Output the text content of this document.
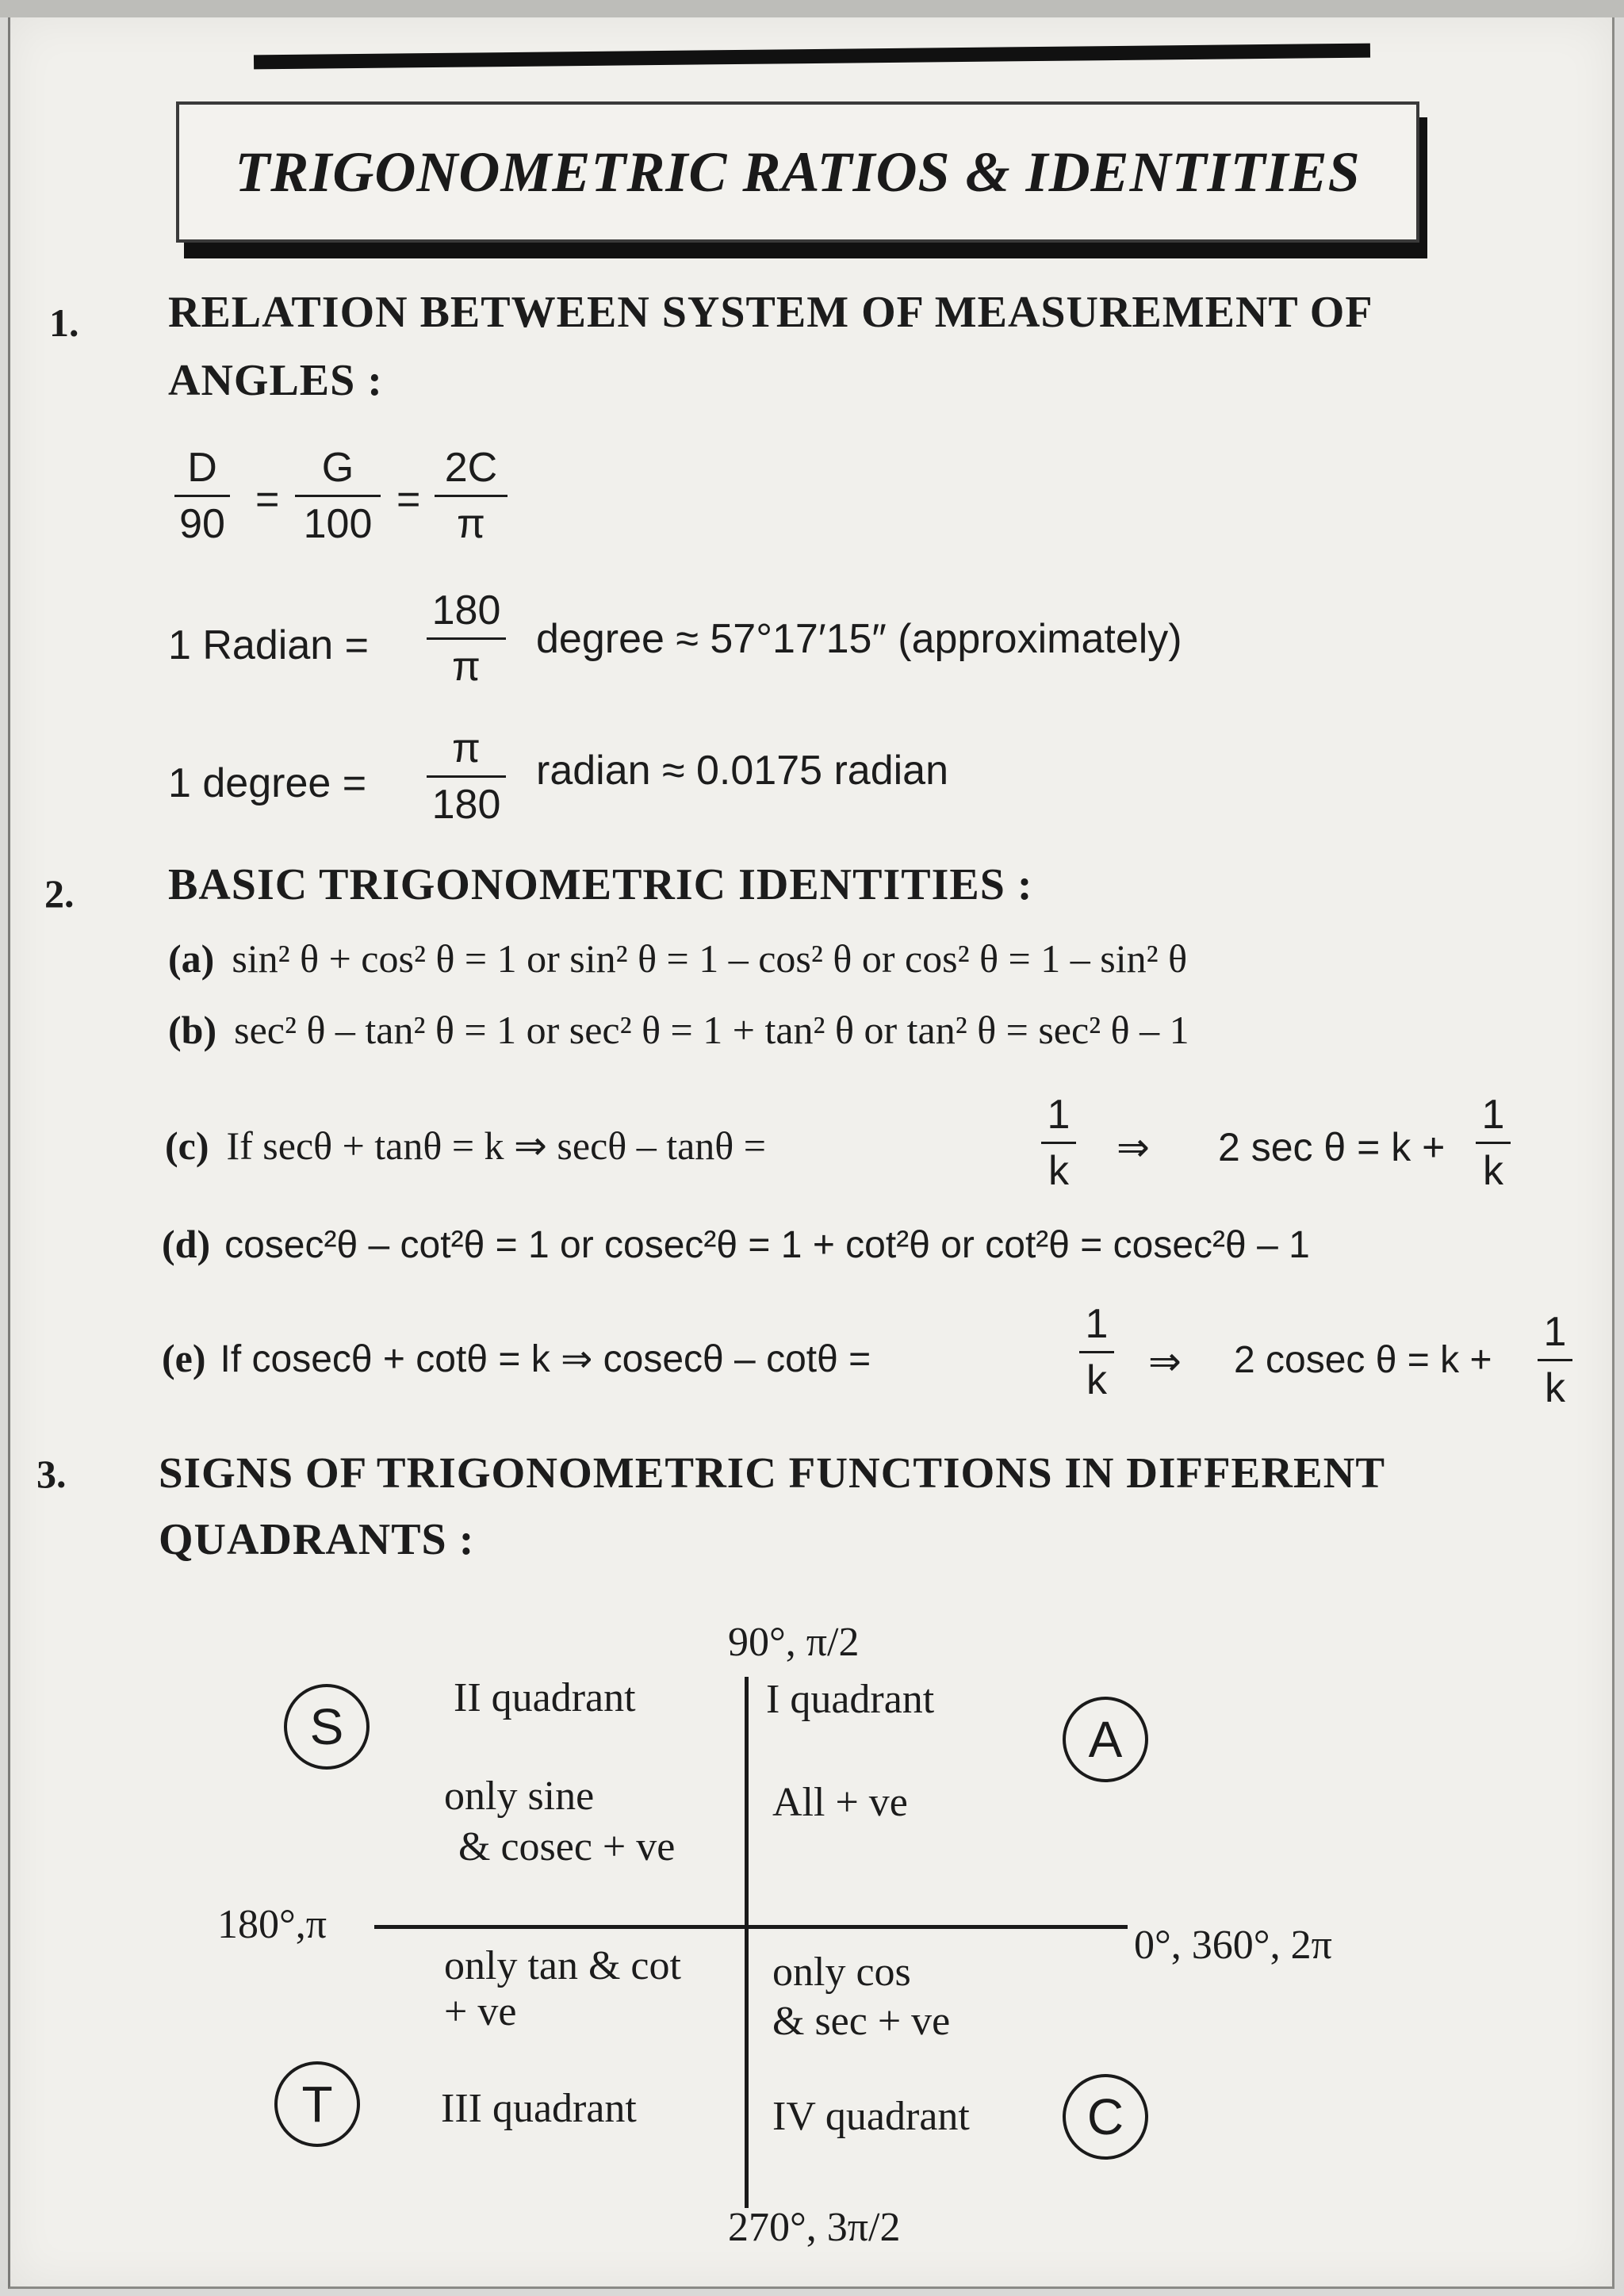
TRIGONOMETRIC RATIOS & IDENTITIES
1. RELATION BETWEEN SYSTEM OF MEASUREMENT OF
ANGLES :
D
90
=
G
100
=
2C
π
1 Radian =
180
π
degree ≈ 57°17′15″ (approximately)
1 degree =
π
180
radian ≈ 0.0175 radian
2. BASIC TRIGONOMETRIC IDENTITIES :
(a) sin² θ + cos² θ = 1 or sin² θ = 1 – cos² θ or cos² θ = 1 – sin² θ
(b) sec² θ – tan² θ = 1 or sec² θ = 1 + tan² θ or tan² θ = sec² θ – 1
(c) If secθ + tanθ = k ⇒ secθ – tanθ =
1
k
⇒ 2 sec θ = k +
1
k
(d) cosec²θ – cot²θ = 1 or cosec²θ = 1 + cot²θ or cot²θ = cosec²θ – 1
(e) If cosecθ + cotθ = k ⇒ cosecθ – cotθ =
1
k ⇒ 2 cosec θ = k +
1
k
3. SIGNS OF TRIGONOMETRIC FUNCTIONS IN DIFFERENT
QUADRANTS :
90°, π/2
270°, 3π/2
180°,π	0°, 360°, 2π
S
II quadrant
only sine
& cosec + ve
I quadrant
All + ve
A
only tan & cot
+ ve
T	III quadrant
only cos
& sec + ve
IV quadrant C
